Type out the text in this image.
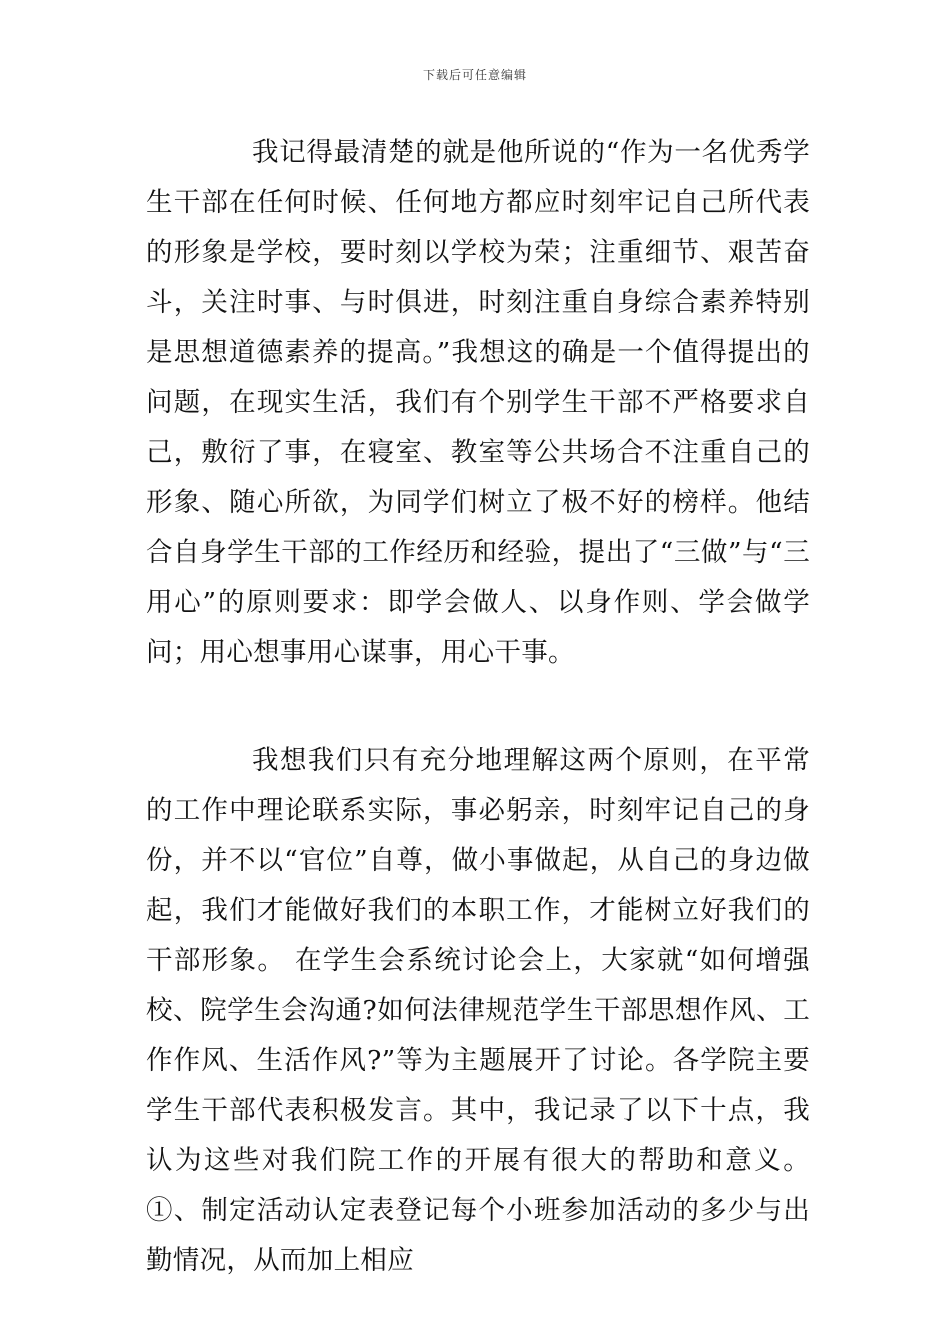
下载后可任意编辑

我记得最清楚的就是他所说的“作为一名优秀学生干部在任何时候、任何地方都应时刻牢记自己所代表的形象是学校，要时刻以学校为荣；注重细节、艰苦奋斗，关注时事、与时俱进，时刻注重自身综合素养特别是思想道德素养的提高。”我想这的确是一个值得提出的问题，在现实生活，我们有个别学生干部不严格要求自己，敷衍了事，在寝室、教室等公共场合不注重自己的形象、随心所欲，为同学们树立了极不好的榜样。他结合自身学生干部的工作经历和经验，提出了“三做”与“三用心”的原则要求：即学会做人、以身作则、学会做学问；用心想事用心谋事，用心干事。

我想我们只有充分地理解这两个原则，在平常的工作中理论联系实际，事必躬亲，时刻牢记自己的身份，并不以“官位”自尊，做小事做起，从自己的身边做起，我们才能做好我们的本职工作，才能树立好我们的干部形象。 在学生会系统讨论会上，大家就“如何增强校、院学生会沟通?如何法律规范学生干部思想作风、工作作风、生活作风?”等为主题展开了讨论。各学院主要学生干部代表积极发言。其中，我记录了以下十点，我认为这些对我们院工作的开展有很大的帮助和意义。①、制定活动认定表登记每个小班参加活动的多少与出勤情况，从而加上相应
